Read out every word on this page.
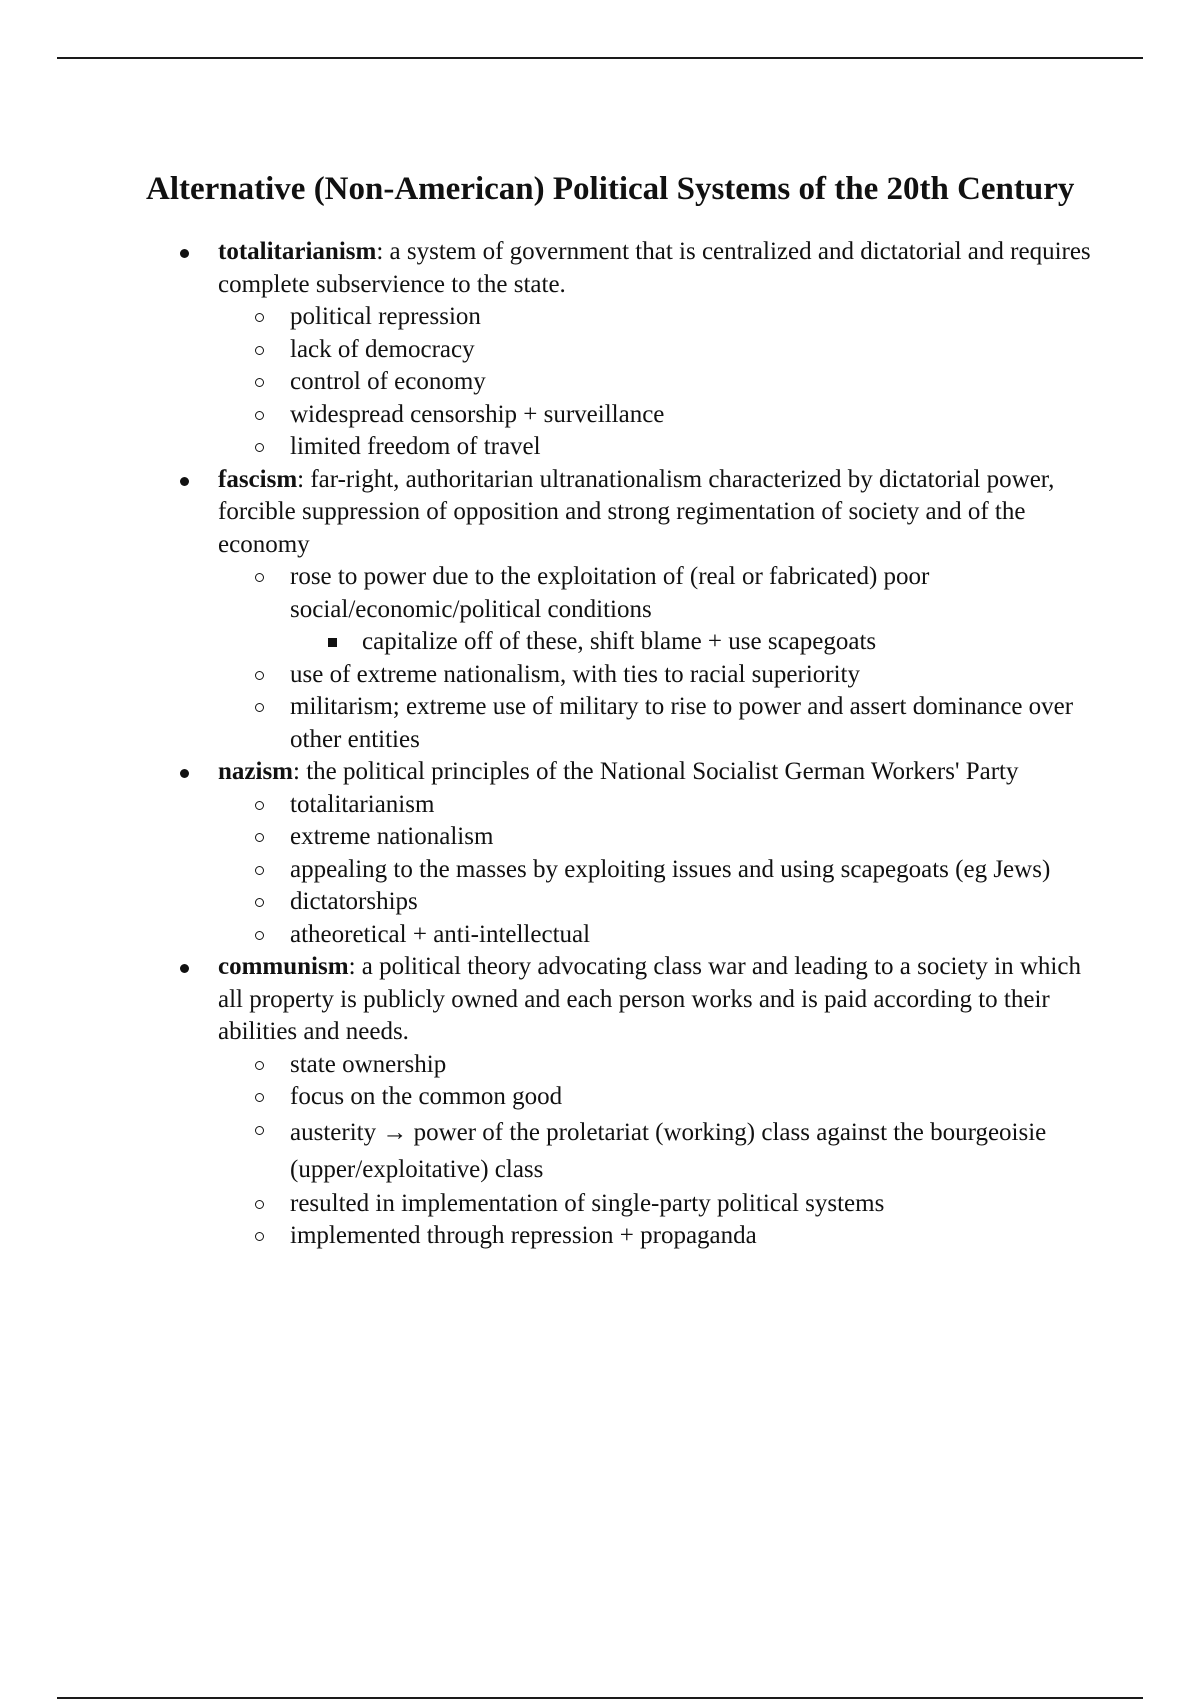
Alternative (Non-American) Political Systems of the 20th Century
totalitarianism: a system of government that is centralized and dictatorial and requires complete subservience to the state.
political repression
lack of democracy
control of economy
widespread censorship + surveillance
limited freedom of travel
fascism: far-right, authoritarian ultranationalism characterized by dictatorial power, forcible suppression of opposition and strong regimentation of society and of the economy
rose to power due to the exploitation of (real or fabricated) poor social/economic/political conditions
capitalize off of these, shift blame + use scapegoats
use of extreme nationalism, with ties to racial superiority
militarism; extreme use of military to rise to power and assert dominance over other entities
nazism: the political principles of the National Socialist German Workers' Party
totalitarianism
extreme nationalism
appealing to the masses by exploiting issues and using scapegoats (eg Jews)
dictatorships
atheoretical + anti-intellectual
communism: a political theory advocating class war and leading to a society in which all property is publicly owned and each person works and is paid according to their abilities and needs.
state ownership
focus on the common good
austerity → power of the proletariat (working) class against the bourgeoisie (upper/exploitative) class
resulted in implementation of single-party political systems
implemented through repression + propaganda
